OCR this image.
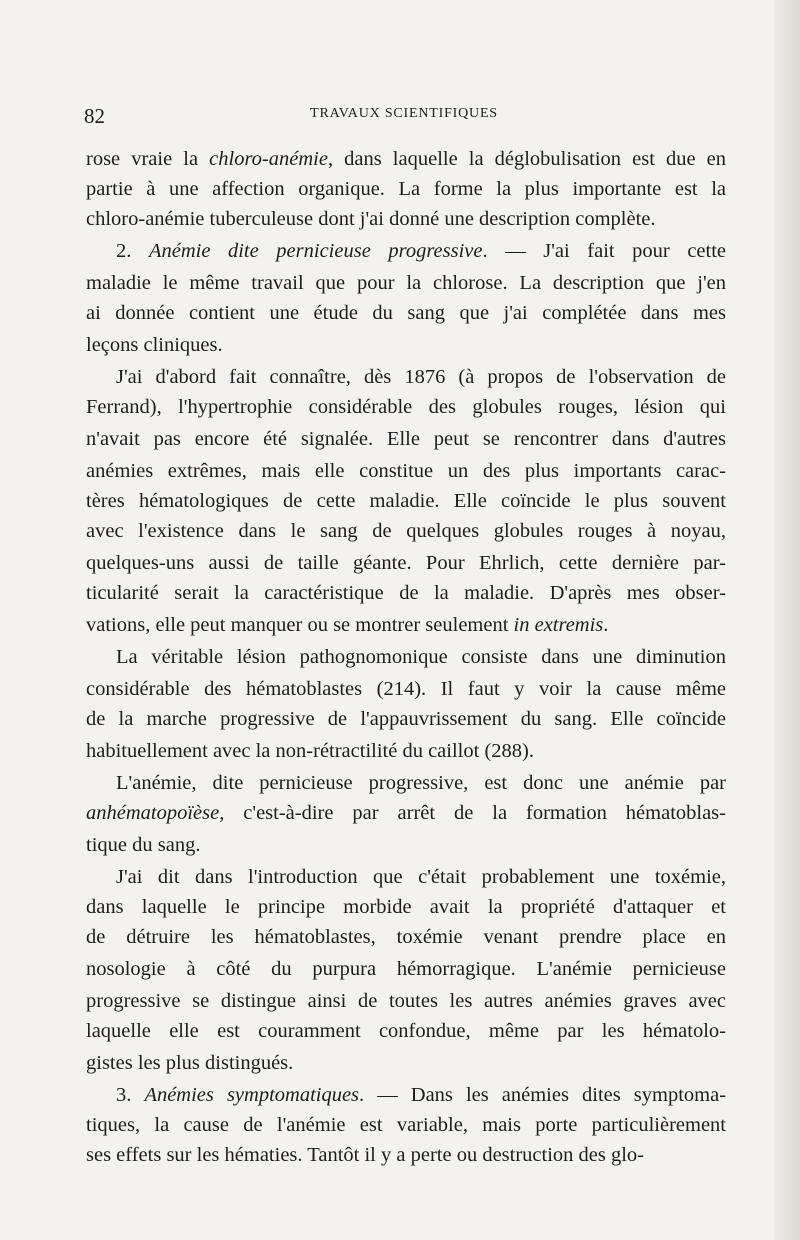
82	TRAVAUX SCIENTIFIQUES
rose vraie la chloro-anémie, dans laquelle la déglobulisation est due en
partie à une affection organique. La forme la plus importante est la
chloro-anémie tuberculeuse dont j'ai donné une description complète.
2. Anémie dite pernicieuse progressive. — J'ai fait pour cette
maladie le même travail que pour la chlorose. La description que j'en
ai donnée contient une étude du sang que j'ai complétée dans mes
leçons cliniques.
J'ai d'abord fait connaître, dès 1876 (à propos de l'observation de
Ferrand), l'hypertrophie considérable des globules rouges, lésion qui
n'avait pas encore été signalée. Elle peut se rencontrer dans d'autres
anémies extrêmes, mais elle constitue un des plus importants carac-
tères hématologiques de cette maladie. Elle coïncide le plus souvent
avec l'existence dans le sang de quelques globules rouges à noyau,
quelques-uns aussi de taille géante. Pour Ehrlich, cette dernière par-
ticularité serait la caractéristique de la maladie. D'après mes obser-
vations, elle peut manquer ou se montrer seulement in extremis.
La véritable lésion pathognomonique consiste dans une diminution
considérable des hématoblastes (214). Il faut y voir la cause même
de la marche progressive de l'appauvrissement du sang. Elle coïncide
habituellement avec la non-rétractilité du caillot (288).
L'anémie, dite pernicieuse progressive, est donc une anémie par
anhématopoïèse, c'est-à-dire par arrêt de la formation hématoblas-
tique du sang.
J'ai dit dans l'introduction que c'était probablement une toxémie,
dans laquelle le principe morbide avait la propriété d'attaquer et
de détruire les hématoblastes, toxémie venant prendre place en
nosologie à côté du purpura hémorragique. L'anémie pernicieuse
progressive se distingue ainsi de toutes les autres anémies graves avec
laquelle elle est couramment confondue, même par les hématolo-
gistes les plus distingués.
3. Anémies symptomatiques. — Dans les anémies dites symptoma-
tiques, la cause de l'anémie est variable, mais porte particulièrement
ses effets sur les hématies. Tantôt il y a perte ou destruction des glo-
